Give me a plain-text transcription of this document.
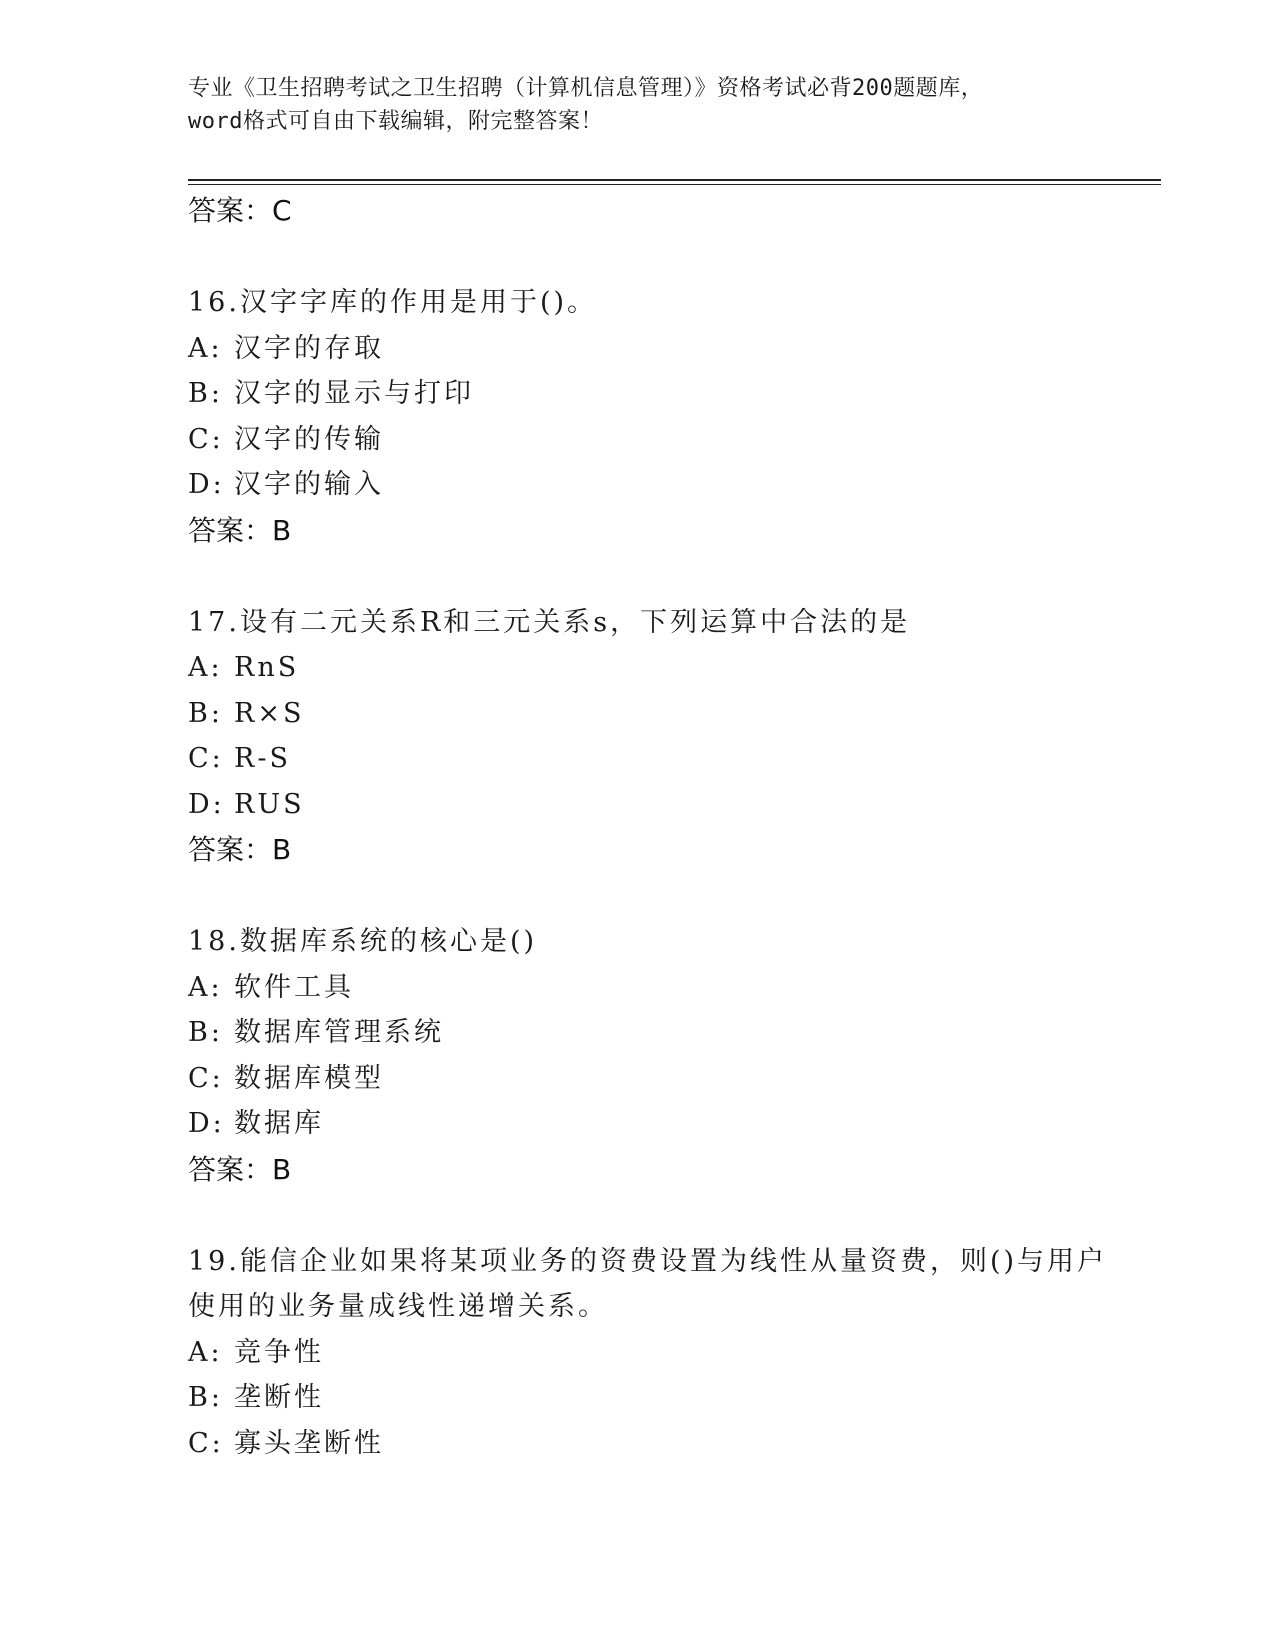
专业《卫生招聘考试之卫生招聘（计算机信息管理）》资格考试必背200题题库，
word格式可自由下载编辑，附完整答案！
答案：C
16.汉字字库的作用是用于()。
A: 汉字的存取
B: 汉字的显示与打印
C: 汉字的传输
D: 汉字的输入
答案：B
17.设有二元关系R和三元关系s，下列运算中合法的是
A: RnS
B: R×S
C: R-S
D: RUS
答案：B
18.数据库系统的核心是()
A: 软件工具
B: 数据库管理系统
C: 数据库模型
D: 数据库
答案：B
19.能信企业如果将某项业务的资费设置为线性从量资费，则()与用户
使用的业务量成线性递增关系。
A: 竞争性
B: 垄断性
C: 寡头垄断性
